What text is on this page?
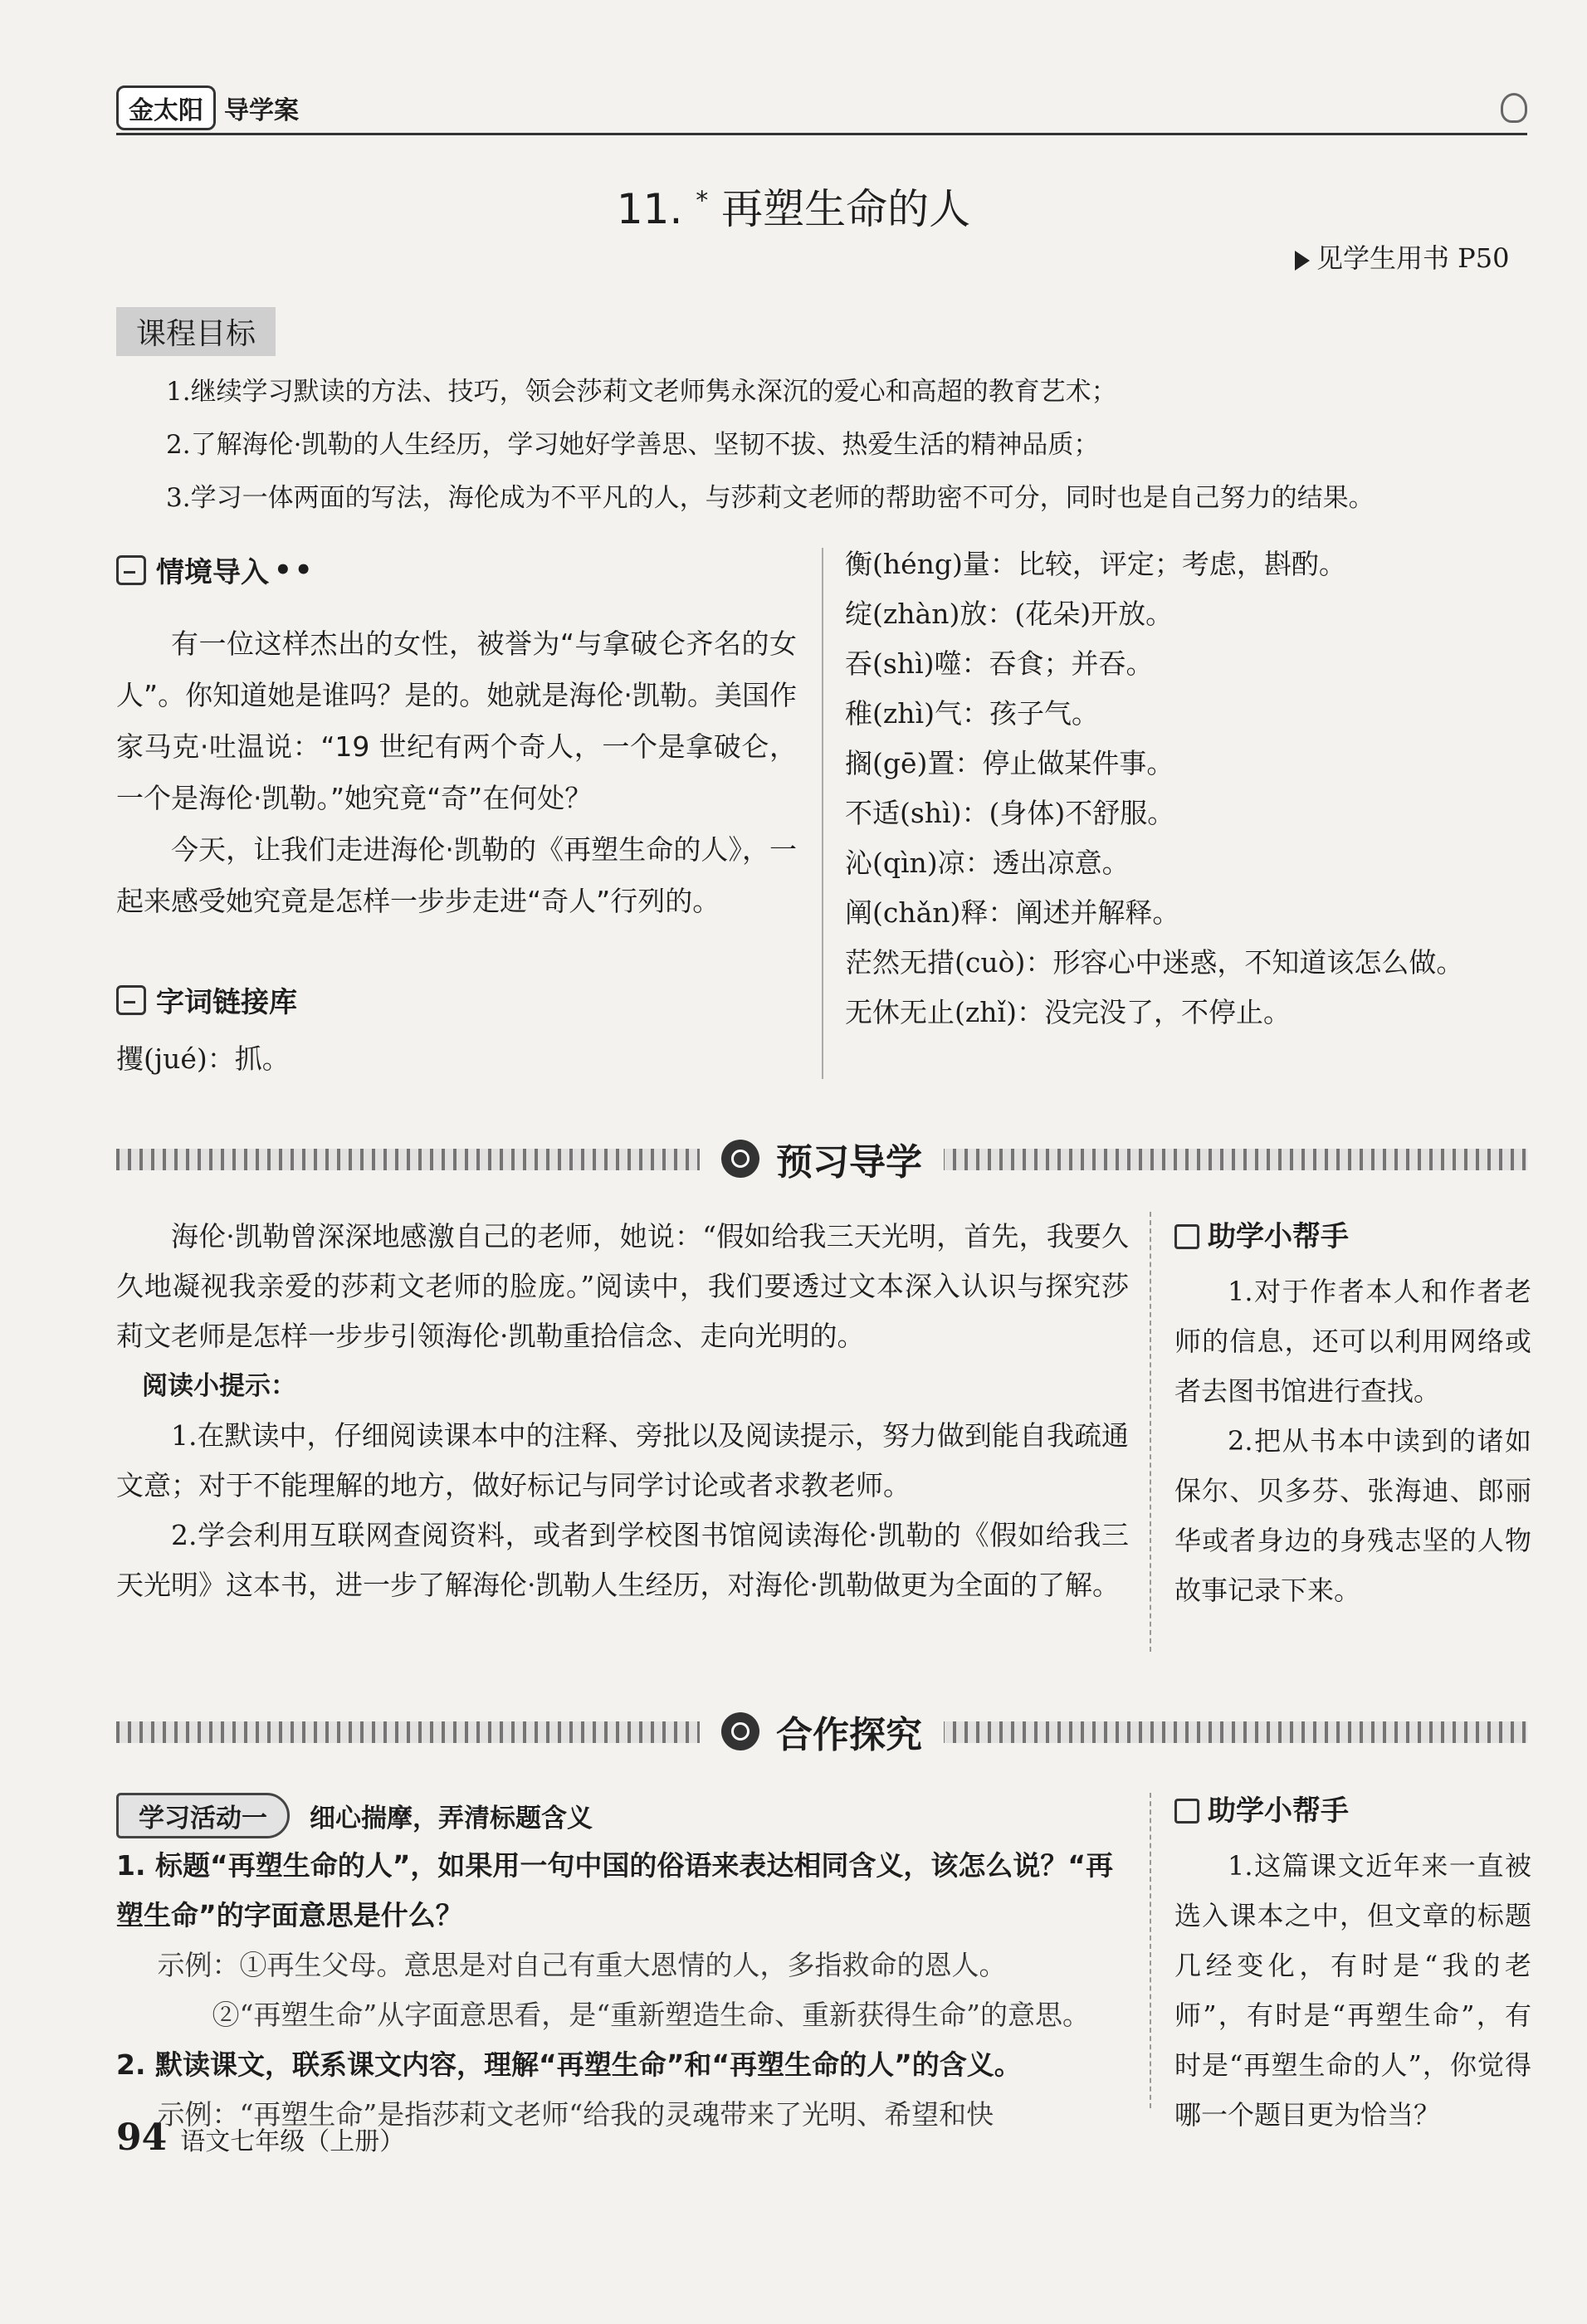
金太阳 导学案
11. * 再塑生命的人
见学生用书 P50
课程目标

1.继续学习默读的方法、技巧，领会莎莉文老师隽永深沉的爱心和高超的教育艺术；

2.了解海伦·凯勒的人生经历，学习她好学善思、坚韧不拔、热爱生活的精神品质；

3.学习一体两面的写法，海伦成为不平凡的人，与莎莉文老师的帮助密不可分，同时也是自己努力的结果。

情境导入 ••

有一位这样杰出的女性，被誉为“与拿破仑齐名的女人”。你知道她是谁吗？是的。她就是海伦·凯勒。美国作家马克·吐温说：“19 世纪有两个奇人，一个是拿破仑，一个是海伦·凯勒。”她究竟“奇”在何处？

今天，让我们走进海伦·凯勒的《再塑生命的人》，一起来感受她究竟是怎样一步步走进“奇人”行列的。

字词链接库
攫(jué)：抓。

衡(héng)量：比较，评定；考虑，斟酌。

绽(zhàn)放：(花朵)开放。

吞(shì)噬：吞食；并吞。

稚(zhì)气：孩子气。

搁(gē)置：停止做某件事。

不适(shì)：(身体)不舒服。

沁(qìn)凉：透出凉意。

阐(chǎn)释：阐述并解释。

茫然无措(cuò)：形容心中迷惑，不知道该怎么做。

无休无止(zhǐ)：没完没了，不停止。

预习导学

海伦·凯勒曾深深地感激自己的老师，她说：“假如给我三天光明，首先，我要久久地凝视我亲爱的莎莉文老师的脸庞。”阅读中，我们要透过文本深入认识与探究莎莉文老师是怎样一步步引领海伦·凯勒重拾信念、走向光明的。

阅读小提示：

1.在默读中，仔细阅读课本中的注释、旁批以及阅读提示，努力做到能自我疏通文意；对于不能理解的地方，做好标记与同学讨论或者求教老师。

2.学会利用互联网查阅资料，或者到学校图书馆阅读海伦·凯勒的《假如给我三天光明》这本书，进一步了解海伦·凯勒人生经历，对海伦·凯勒做更为全面的了解。

助学小帮手

1.对于作者本人和作者老师的信息，还可以利用网络或者去图书馆进行查找。

2.把从书本中读到的诸如保尔、贝多芬、张海迪、郎丽华或者身边的身残志坚的人物故事记录下来。

合作探究
学习活动一	细心揣摩，弄清标题含义

1. 标题“再塑生命的人”，如果用一句中国的俗语来表达相同含义，该怎么说？“再塑生命”的字面意思是什么？

示例：①再生父母。意思是对自己有重大恩情的人，多指救命的恩人。

②“再塑生命”从字面意思看，是“重新塑造生命、重新获得生命”的意思。

2. 默读课文，联系课文内容，理解“再塑生命”和“再塑生命的人”的含义。

示例：“再塑生命”是指莎莉文老师“给我的灵魂带来了光明、希望和快

助学小帮手

1.这篇课文近年来一直被选入课本之中，但文章的标题几经变化，有时是“我的老师”，有时是“再塑生命”，有时是“再塑生命的人”，你觉得哪一个题目更为恰当？

94 语文七年级（上册）
